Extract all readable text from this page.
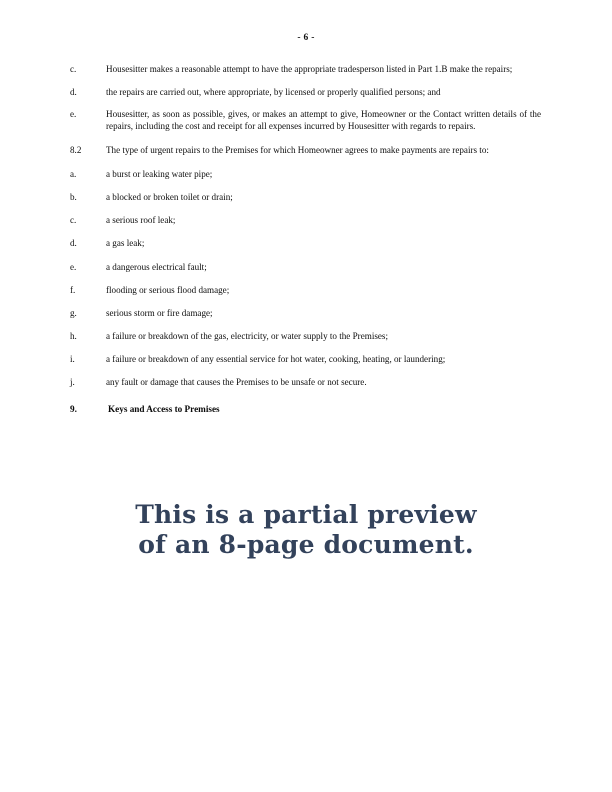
- 6 -
c.	Housesitter makes a reasonable attempt to have the appropriate tradesperson listed in Part 1.B make the repairs;
d.	the repairs are carried out, where appropriate, by licensed or properly qualified persons; and
e.	Housesitter, as soon as possible, gives, or makes an attempt to give, Homeowner or the Contact written details of the repairs, including the cost and receipt for all expenses incurred by Housesitter with regards to repairs.

8.2	The type of urgent repairs to the Premises for which Homeowner agrees to make payments are repairs to:

a.	a burst or leaking water pipe;
b.	a blocked or broken toilet or drain;
c.	a serious roof leak;
d.	a gas leak;
e.	a dangerous electrical fault;
f.	flooding or serious flood damage;
g.	serious storm or fire damage;
h.	a failure or breakdown of the gas, electricity, or water supply to the Premises;
i.	a failure or breakdown of any essential service for hot water, cooking, heating, or laundering;
j.	any fault or damage that causes the Premises to be unsafe or not secure.
9.	Keys and Access to Premises
This is a partial preview
of an 8-page document.
